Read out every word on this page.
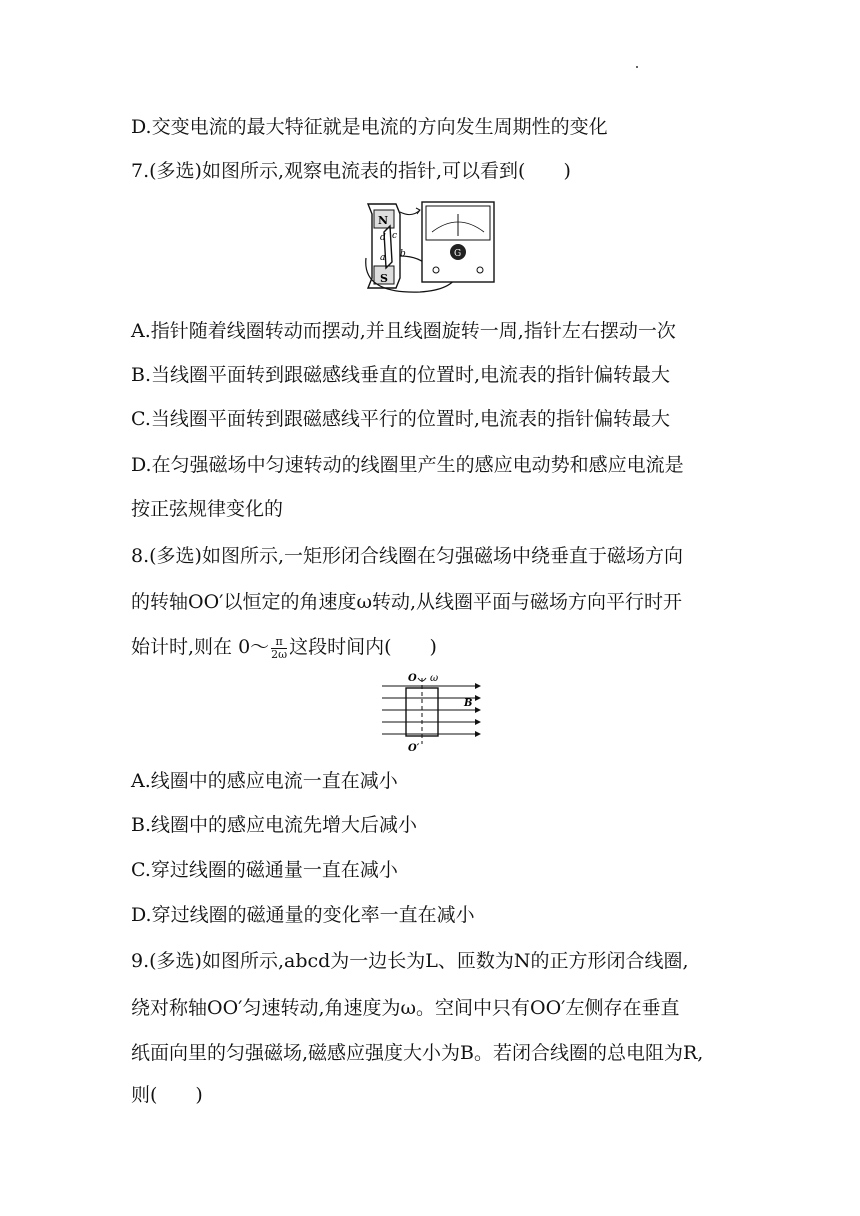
D.交变电流的最大特征就是电流的方向发生周期性的变化
7.(多选)如图所示,观察电流表的指针,可以看到(　　)
N
S
c
d
a b	G
A.指针随着线圈转动而摆动,并且线圈旋转一周,指针左右摆动一次
B.当线圈平面转到跟磁感线垂直的位置时,电流表的指针偏转最大
C.当线圈平面转到跟磁感线平行的位置时,电流表的指针偏转最大
D.在匀强磁场中匀速转动的线圈里产生的感应电动势和感应电流是
按正弦规律变化的
8.(多选)如图所示,一矩形闭合线圈在匀强磁场中绕垂直于磁场方向
的转轴OO′以恒定的角速度ω转动,从线圈平面与磁场方向平行时开
始计时,则在 0～ $\frac{\pi}{2\omega}$ 这段时间内(　　)
O ω
B
O′
A.线圈中的感应电流一直在减小
B.线圈中的感应电流先增大后减小
C.穿过线圈的磁通量一直在减小
D.穿过线圈的磁通量的变化率一直在减小
9.(多选)如图所示,abcd为一边长为L、匝数为N的正方形闭合线圈,
绕对称轴OO′匀速转动,角速度为ω。空间中只有OO′左侧存在垂直
纸面向里的匀强磁场,磁感应强度大小为B。若闭合线圈的总电阻为R,
则(　　)
